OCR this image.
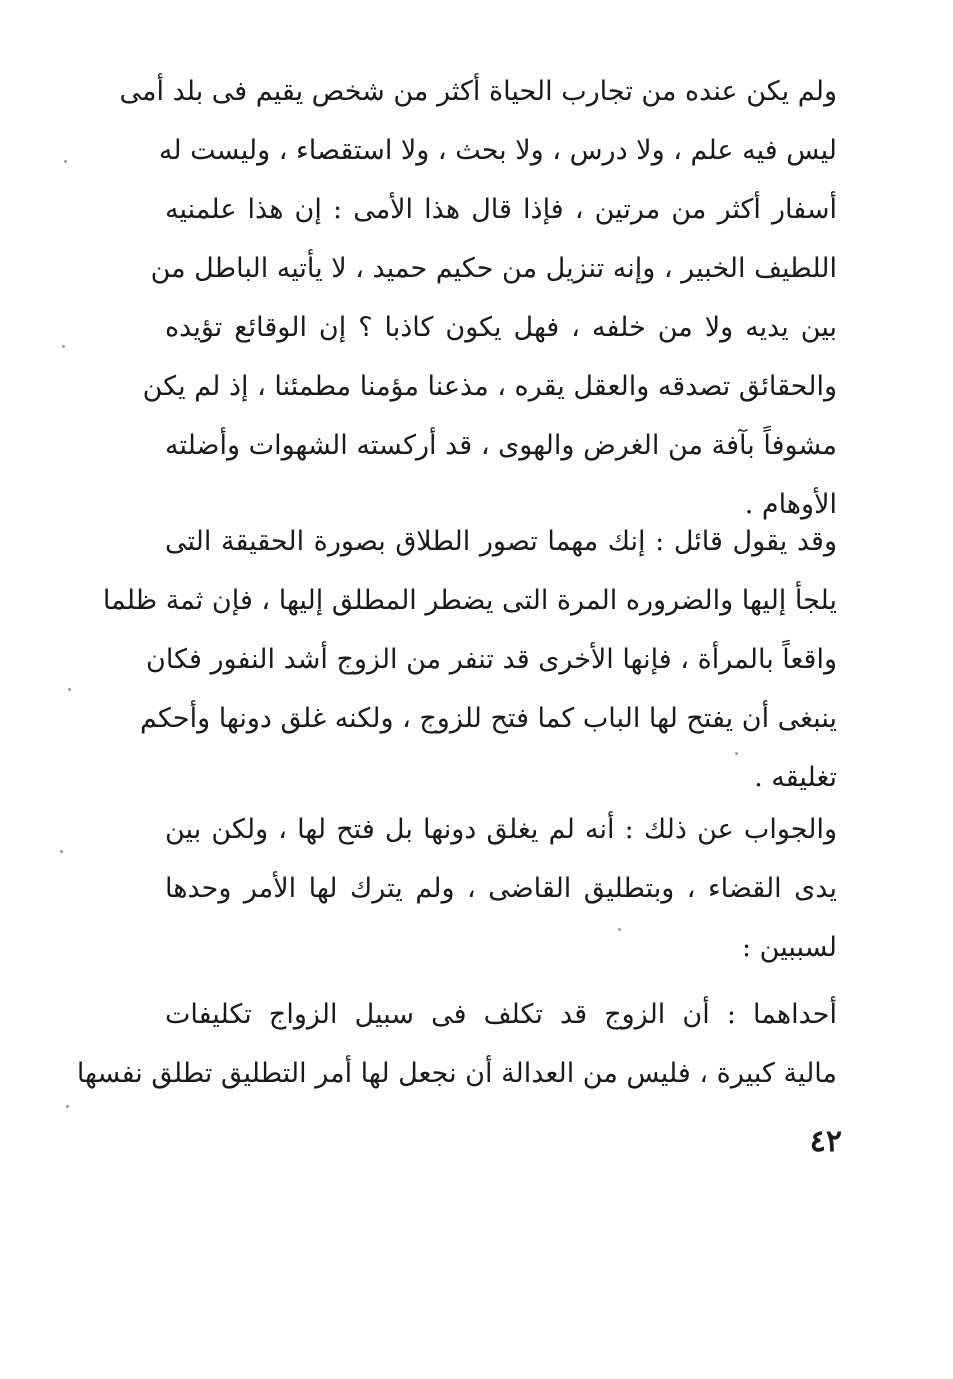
ولم يكن عنده من تجارب الحياة أكثر من شخص يقيم فى بلد أمى
ليس فيه علم ، ولا درس ، ولا بحث ، ولا استقصاء ، وليست له
أسفار أكثر من مرتين ، فإذا قال هذا الأمى : إن هذا علمنيه
اللطيف الخبير ، وإنه تنزيل من حكيم حميد ، لا يأتيه الباطل من
بين يديه ولا من خلفه ، فهل يكون كاذبا ؟ إن الوقائع تؤيده
والحقائق تصدقه والعقل يقره ، مذعنا مؤمنا مطمئنا ، إذ لم يكن
مشوفاً بآفة من الغرض والهوى ، قد أركسته الشهوات وأضلته
الأوهام .
وقد يقول قائل : إنك مهما تصور الطلاق بصورة الحقيقة التى
يلجأ إليها والضروره المرة التى يضطر المطلق إليها ، فإن ثمة ظلما
واقعاً بالمرأة ، فإنها الأخرى قد تنفر من الزوج أشد النفور فكان
ينبغى أن يفتح لها الباب كما فتح للزوج ، ولكنه غلق دونها وأحكم
تغليقه .
والجواب عن ذلك : أنه لم يغلق دونها بل فتح لها ، ولكن بين
يدى القضاء ، وبتطليق القاضى ، ولم يترك لها الأمر وحدها
لسببين :
أحداهما : أن الزوج قد تكلف فى سبيل الزواج تكليفات
مالية كبيرة ، فليس من العدالة أن نجعل لها أمر التطليق تطلق نفسها
٤٢
